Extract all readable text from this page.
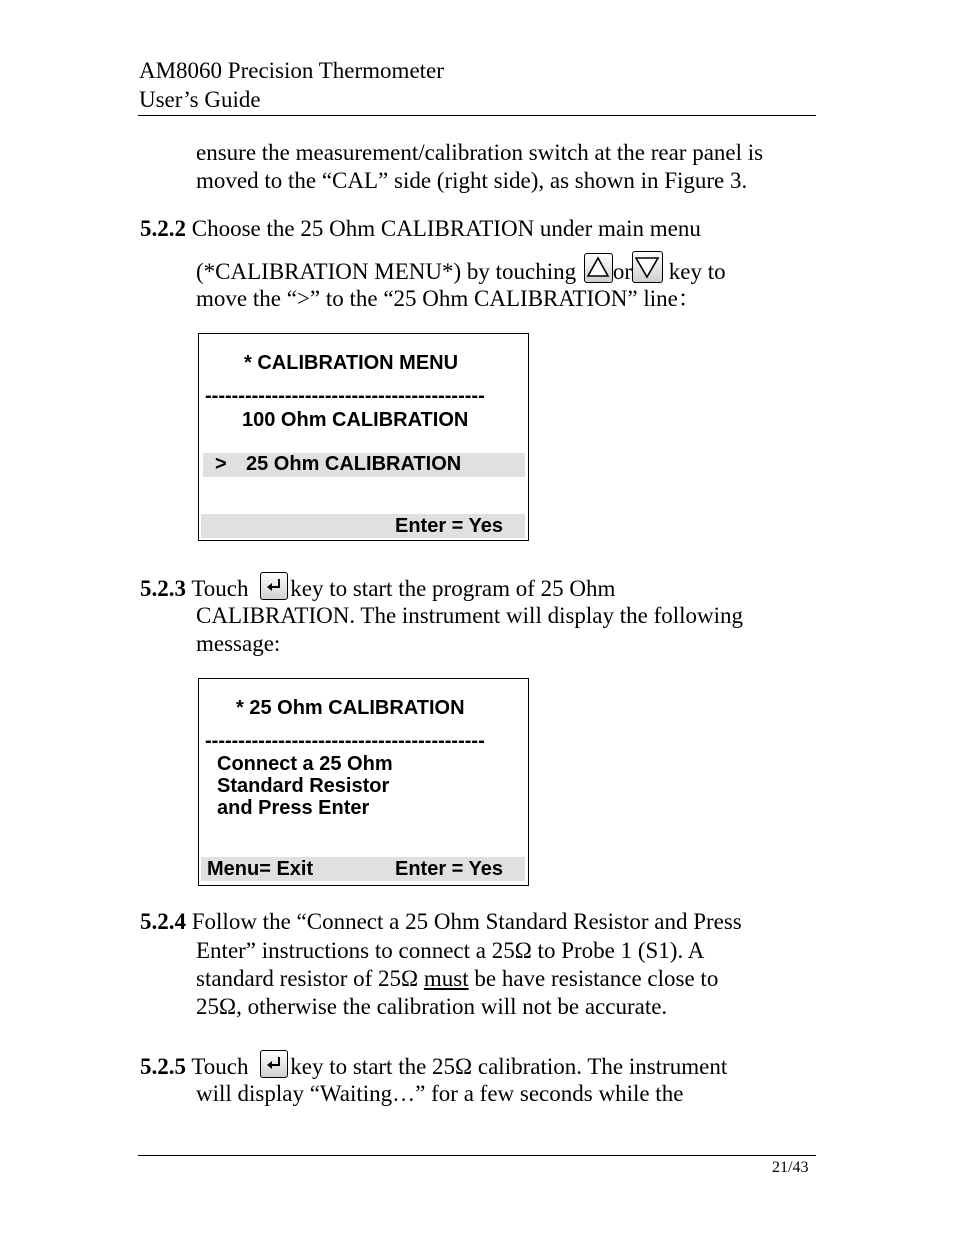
AM8060 Precision Thermometer
User’s Guide
ensure the measurement/calibration switch at the rear panel is
moved to the “CAL” side (right side), as shown in Figure 3.
5.2.2 Choose the 25 Ohm CALIBRATION under main menu
(*CALIBRATION MENU*) by touching or key to
move the “>” to the “25 Ohm CALIBRATION” line：
* CALIBRATION MENU
------------------------------------------
100 Ohm CALIBRATION
> 25 Ohm CALIBRATION
Enter = Yes
5.2.3 Touch key to start the program of 25 Ohm
CALIBRATION. The instrument will display the following
message:
* 25 Ohm CALIBRATION
------------------------------------------
Connect a 25 Ohm
Standard Resistor
and Press Enter
Menu= Exit	Enter = Yes
5.2.4 Follow the “Connect a 25 Ohm Standard Resistor and Press
Enter” instructions to connect a 25Ω to Probe 1 (S1). A
standard resistor of 25Ω must be have resistance close to
25Ω, otherwise the calibration will not be accurate.
5.2.5 Touch key to start the 25Ω calibration. The instrument
will display “Waiting…” for a few seconds while the
21/43
